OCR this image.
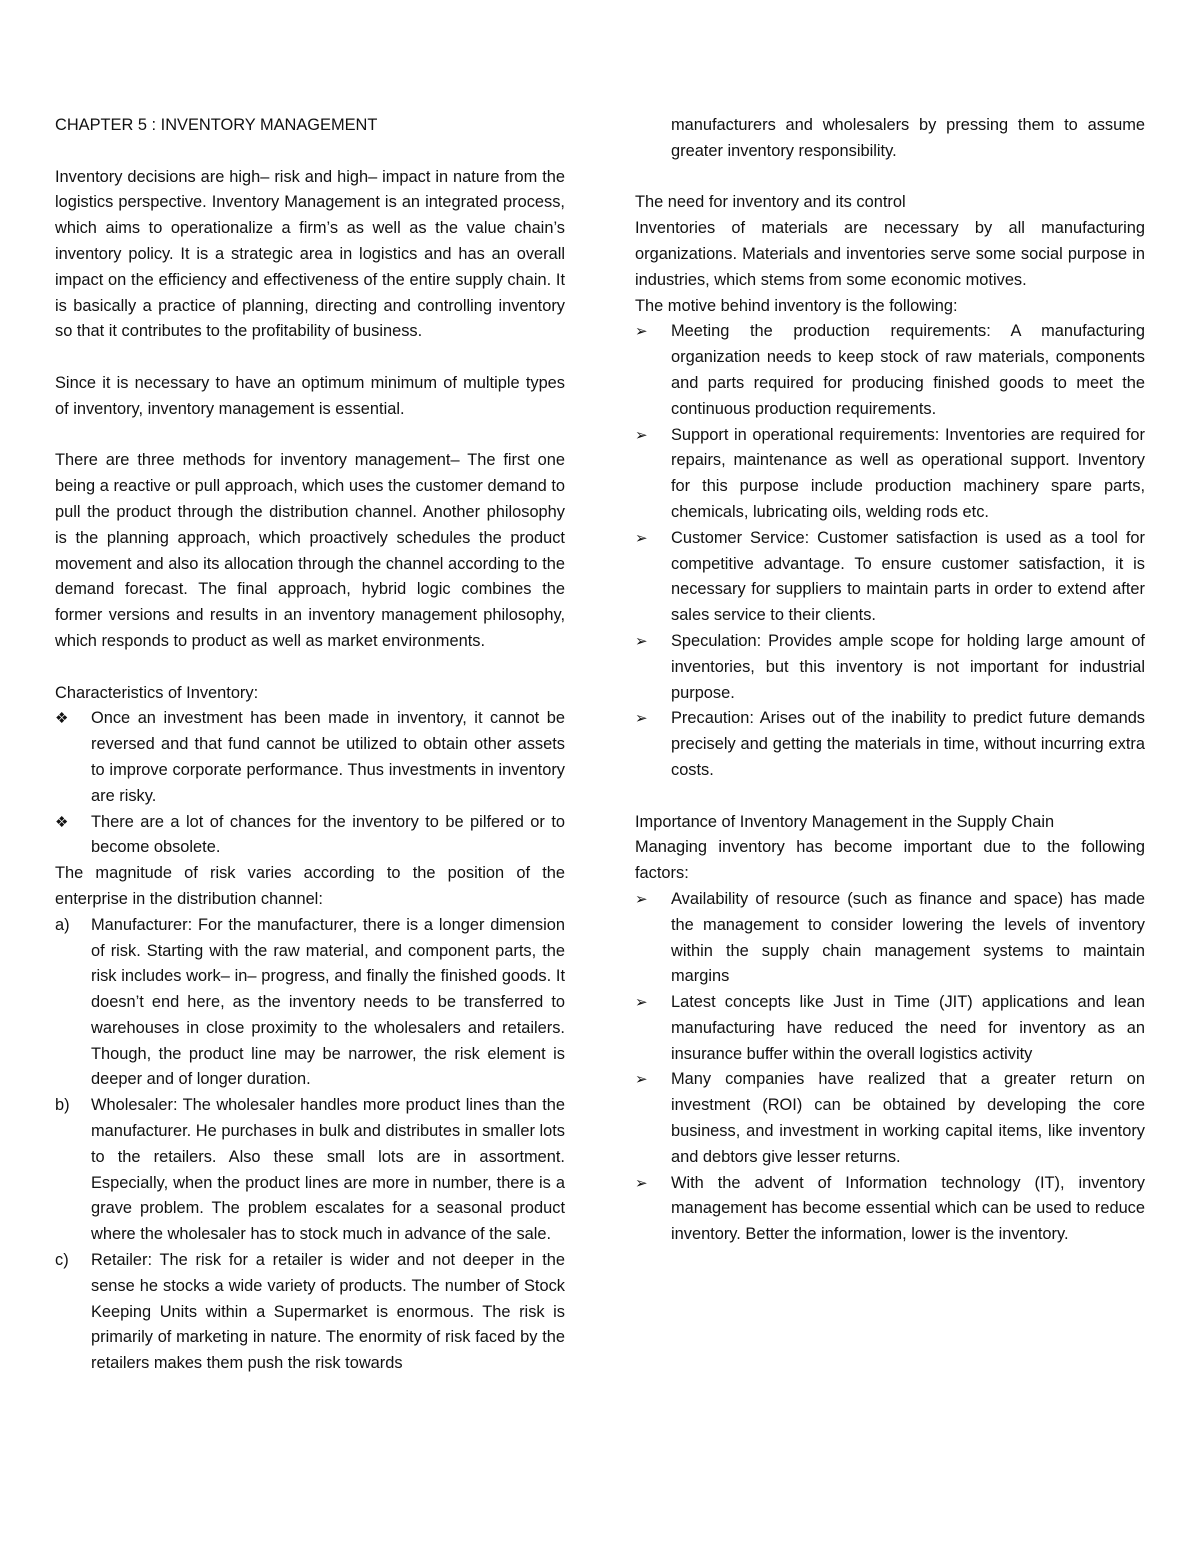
CHAPTER 5 : INVENTORY MANAGEMENT

Inventory decisions are high– risk and high– impact in nature from the logistics perspective. Inventory Management is an integrated process, which aims to operationalize a firm’s as well as the value chain’s inventory policy. It is a strategic area in logistics and has an overall impact on the efficiency and effectiveness of the entire supply chain. It is basically a practice of planning, directing and controlling inventory so that it contributes to the profitability of business.

Since it is necessary to have an optimum minimum of multiple types of inventory, inventory management is essential.

There are three methods for inventory management– The first one being a reactive or pull approach, which uses the customer demand to pull the product through the distribution channel. Another philosophy is the planning approach, which proactively schedules the product movement and also its allocation through the channel according to the demand forecast. The final approach, hybrid logic combines the former versions and results in an inventory management philosophy, which responds to product as well as market environments.

Characteristics of Inventory:

❖	Once an investment has been made in inventory, it cannot be reversed and that fund cannot be utilized to obtain other assets to improve corporate performance. Thus investments in inventory are risky.
❖	There are a lot of chances for the inventory to be pilfered or to become obsolete.

The magnitude of risk varies according to the position of the enterprise in the distribution channel:

a)	Manufacturer: For the manufacturer, there is a longer dimension of risk. Starting with the raw material, and component parts, the risk includes work– in– progress, and finally the finished goods. It doesn’t end here, as the inventory needs to be transferred to warehouses in close proximity to the wholesalers and retailers. Though, the product line may be narrower, the risk element is deeper and of longer duration.
b)	Wholesaler: The wholesaler handles more product lines than the manufacturer. He purchases in bulk and distributes in smaller lots to the retailers. Also these small lots are in assortment. Especially, when the product lines are more in number, there is a grave problem. The problem escalates for a seasonal product where the wholesaler has to stock much in advance of the sale.
c)	Retailer: The risk for a retailer is wider and not deeper in the sense he stocks a wide variety of products. The number of Stock Keeping Units within a Supermarket is enormous. The risk is primarily of marketing in nature. The enormity of risk faced by the retailers makes them push the risk towards

manufacturers and wholesalers by pressing them to assume greater inventory responsibility.

The need for inventory and its control

Inventories of materials are necessary by all manufacturing organizations. Materials and inventories serve some social purpose in industries, which stems from some economic motives.

The motive behind inventory is the following:

➢	Meeting the production requirements: A manufacturing organization needs to keep stock of raw materials, components and parts required for producing finished goods to meet the continuous production requirements.
➢	Support in operational requirements: Inventories are required for repairs, maintenance as well as operational support. Inventory for this purpose include production machinery spare parts, chemicals, lubricating oils, welding rods etc.
➢	Customer Service: Customer satisfaction is used as a tool for competitive advantage. To ensure customer satisfaction, it is necessary for suppliers to maintain parts in order to extend after sales service to their clients.
➢	Speculation: Provides ample scope for holding large amount of inventories, but this inventory is not important for industrial purpose.
➢	Precaution: Arises out of the inability to predict future demands precisely and getting the materials in time, without incurring extra costs.

Importance of Inventory Management in the Supply Chain

Managing inventory has become important due to the following factors:

➢	Availability of resource (such as finance and space) has made the management to consider lowering the levels of inventory within the supply chain management systems to maintain margins
➢	Latest concepts like Just in Time (JIT) applications and lean manufacturing have reduced the need for inventory as an insurance buffer within the overall logistics activity
➢	Many companies have realized that a greater return on investment (ROI) can be obtained by developing the core business, and investment in working capital items, like inventory and debtors give lesser returns.
➢	With the advent of Information technology (IT), inventory management has become essential which can be used to reduce inventory. Better the information, lower is the inventory.
